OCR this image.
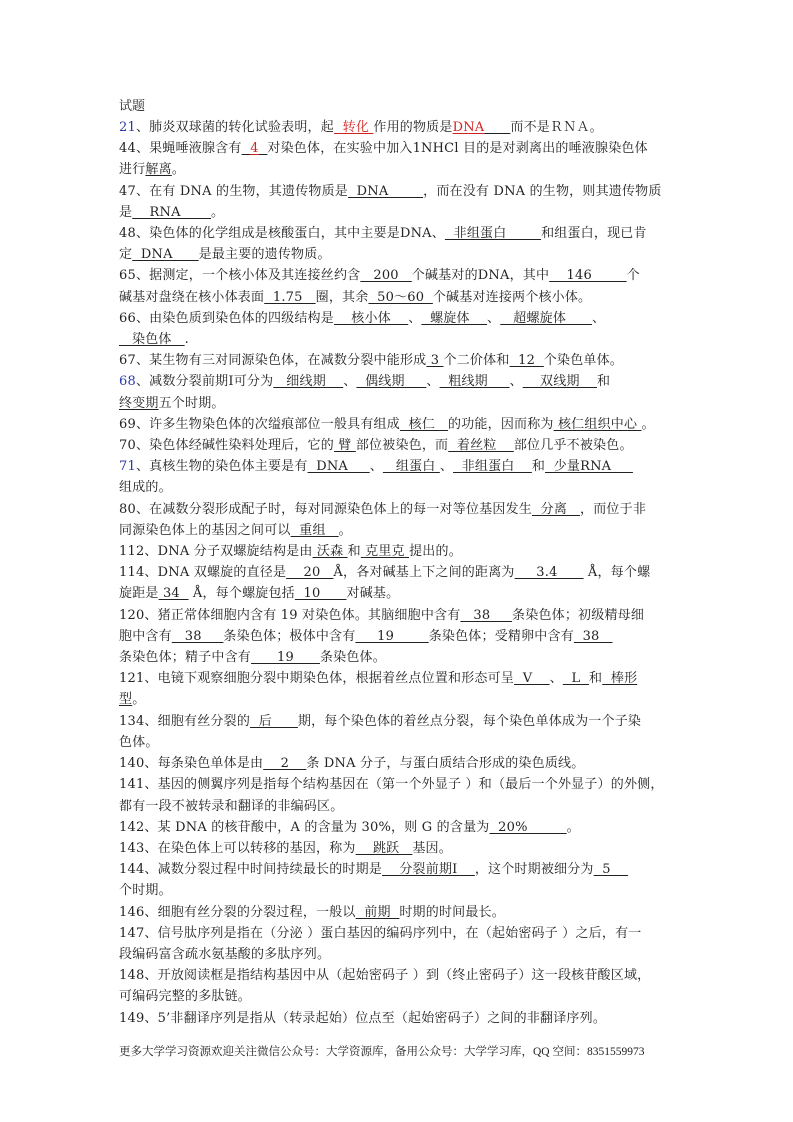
试题
21、肺炎双球菌的转化试验表明，起  转化 作用的物质是DNA 而不是ＲＮＡ。
44、果蝇唾液腺含有 4 对染色体，在实验中加入1NHCl 目的是对剥离出的唾液腺染色体
进行解离。
47、在有 DNA 的生物，其遗传物质是  DNA        ，而在没有 DNA 的生物，则其遗传物质
是    RNA       。
48、染色体的化学组成是核酸蛋白，其中主要是DNA、  非组蛋白        和组蛋白，现已肯
定  DNA      是最主要的遗传物质。
65、据测定，一个核小体及其连接丝约含   200   个碱基对的DNA，其中    146        个
碱基对盘绕在核小体表面  1.75   圈，其余  50～60  个碱基对连接两个核小体。
66、由染色质到染色体的四级结构是    核小体    、  螺旋体    、   超螺旋体      、
染色体   .
67、某生物有三对同源染色体，在减数分裂中能形成 3 个二价体和  12  个染色单体。
68、减数分裂前期Ⅰ可分为   细线期    、  偶线期     、  粗线期     、    双线期    和
终变期五个时期。
69、许多生物染色体的次缢痕部位一般具有组成  核仁   的功能，因而称为 核仁组织中心 。
70、染色体经碱性染料处理后，它的 臂 部位被染色，而  着丝粒    部位几乎不被染色。
71、真核生物的染色体主要是有  DNA     、   组蛋白 、  非组蛋白    和  少量RNA
组成的。
80、在减数分裂形成配子时，每对同源染色体上的每一对等位基因发生  分离   ，而位于非
同源染色体上的基因之间可以  重组   。
112、DNA 分子双螺旋结构是由 沃森 和 克里克 提出的。
114、DNA 双螺旋的直径是    20   Å，各对碱基上下之间的距离为     3.4       Å，每个螺
旋距是 34   Å，每个螺旋包括  10      对碱基。
120、猪正常体细胞内含有 19 对染色体。其脑细胞中含有   38     条染色体；初级精母细
胞中含有   38     条染色体；极体中含有     19        条染色体；受精卵中含有  38
条染色体；精子中含有      19      条染色体。
121、电镜下观察细胞分裂中期染色体，根据着丝点位置和形态可呈  V    、  L  和  棒形
型。
134、细胞有丝分裂的  后      期，每个染色体的着丝点分裂，每个染色单体成为一个子染
色体。
140、每条染色单体是由    2    条 DNA 分子，与蛋白质结合形成的染色质线。
141、基因的侧翼序列是指每个结构基因在（第一个外显子 ）和（最后一个外显子）的外侧，
都有一段不被转录和翻译的非编码区。
142、某 DNA 的核苷酸中，A 的含量为 30%，则 G 的含量为  20%         。
143、在染色体上可以转移的基因，称为    跳跃   基因。
144、减数分裂过程中时间持续最长的时期是    分裂前期Ⅰ    ，这个时期被细分为  5
个时期。
146、细胞有丝分裂的分裂过程，一般以  前期  时期的时间最长。
147、信号肽序列是指在（分泌 ）蛋白基因的编码序列中，在（起始密码子 ）之后，有一
段编码富含疏水氨基酸的多肽序列。
148、开放阅读框是指结构基因中从（起始密码子 ）到（终止密码子）这一段核苷酸区域，
可编码完整的多肽链。
149、5’非翻译序列是指从（转录起始）位点至（起始密码子）之间的非翻译序列。
更多大学学习资源欢迎关注微信公众号：大学资源库，备用公众号：大学学习库，QQ 空间：8351559973
